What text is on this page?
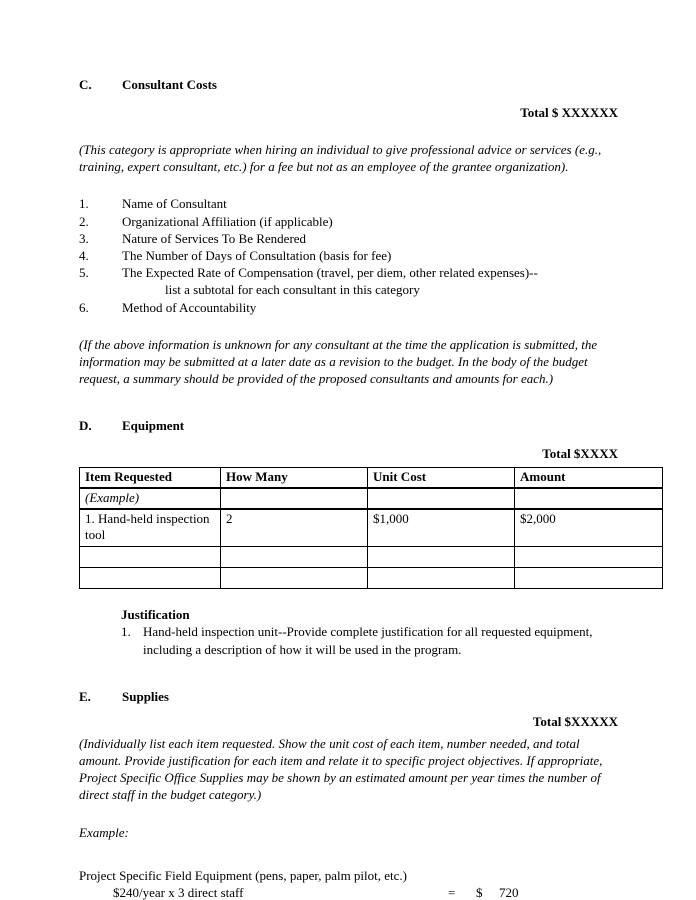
C. Consultant Costs
Total $ XXXXXX
(This category is appropriate when hiring an individual to give professional advice or services (e.g., training, expert consultant, etc.) for a fee but not as an employee of the grantee organization).
1.	Name of Consultant
2.	Organizational Affiliation (if applicable)
3.	Nature of Services To Be Rendered
4.	The Number of Days of Consultation (basis for fee)
5.	The Expected Rate of Compensation (travel, per diem, other related expenses)--
list a subtotal for each consultant in this category
6.	Method of Accountability
(If the above information is unknown for any consultant at the time the application is submitted, the information may be submitted at a later date as a revision to the budget. In the body of the budget request, a summary should be provided of the proposed consultants and amounts for each.)
D. Equipment
Total $XXXX
Item Requested	How Many	Unit Cost	Amount
(Example)			
1. Hand-held inspection tool	2	$1,000	$2,000

Justification
1. Hand-held inspection unit--Provide complete justification for all requested equipment, including a description of how it will be used in the program.
E. Supplies
Total $XXXXX
(Individually list each item requested. Show the unit cost of each item, number needed, and total amount. Provide justification for each item and relate it to specific project objectives. If appropriate, Project Specific Office Supplies may be shown by an estimated amount per year times the number of direct staff in the budget category.)
Example:
Project Specific Field Equipment (pens, paper, palm pilot, etc.)
$240/year x 3 direct staff	= $ 720
